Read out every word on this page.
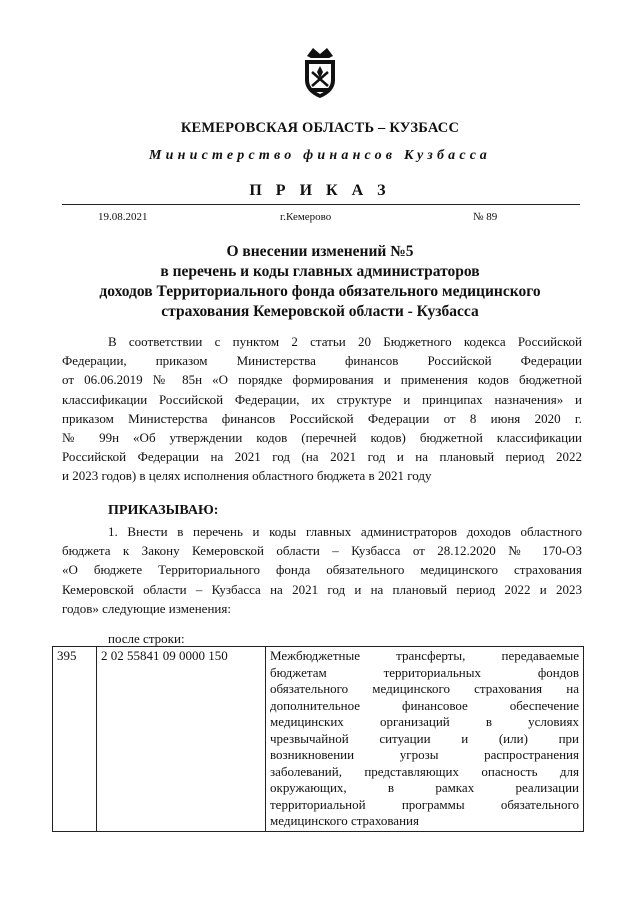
КЕМЕРОВСКАЯ ОБЛАСТЬ – КУЗБАСС
Министерство финансов Кузбасса
П Р И К А З
19.08.2021	г.Кемерово	№ 89
О внесении изменений №5
в перечень и коды главных администраторов
доходов Территориального фонда обязательного медицинского
страхования Кемеровской области - Кузбасса
В соответствии с пунктом 2 статьи 20 Бюджетного кодекса Российской
Федерации, приказом Министерства финансов Российской Федерации
от 06.06.2019 № 85н «О порядке формирования и применения кодов бюджетной
классификации Российской Федерации, их структуре и принципах назначения» и
приказом Министерства финансов Российской Федерации от 8 июня 2020 г.
№ 99н «Об утверждении кодов (перечней кодов) бюджетной классификации
Российской Федерации на 2021 год (на 2021 год и на плановый период 2022
и 2023 годов) в целях исполнения областного бюджета в 2021 году
ПРИКАЗЫВАЮ:
1. Внести в перечень и коды главных администраторов доходов областного
бюджета к Закону Кемеровской области – Кузбасса от 28.12.2020 № 170-ОЗ
«О бюджете Территориального фонда обязательного медицинского страхования
Кемеровской области – Кузбасса на 2021 год и на плановый период 2022 и 2023
годов» следующие изменения:
после строки:
395	2 02 55841 09 0000 150	Межбюджетные трансферты, передаваемые
бюджетам территориальных фондов
обязательного медицинского страхования на
дополнительное финансовое обеспечение
медицинских организаций в условиях
чрезвычайной ситуации и (или) при
возникновении угрозы распространения
заболеваний, представляющих опасность для
окружающих, в рамках реализации
территориальной программы обязательного
медицинского страхования
